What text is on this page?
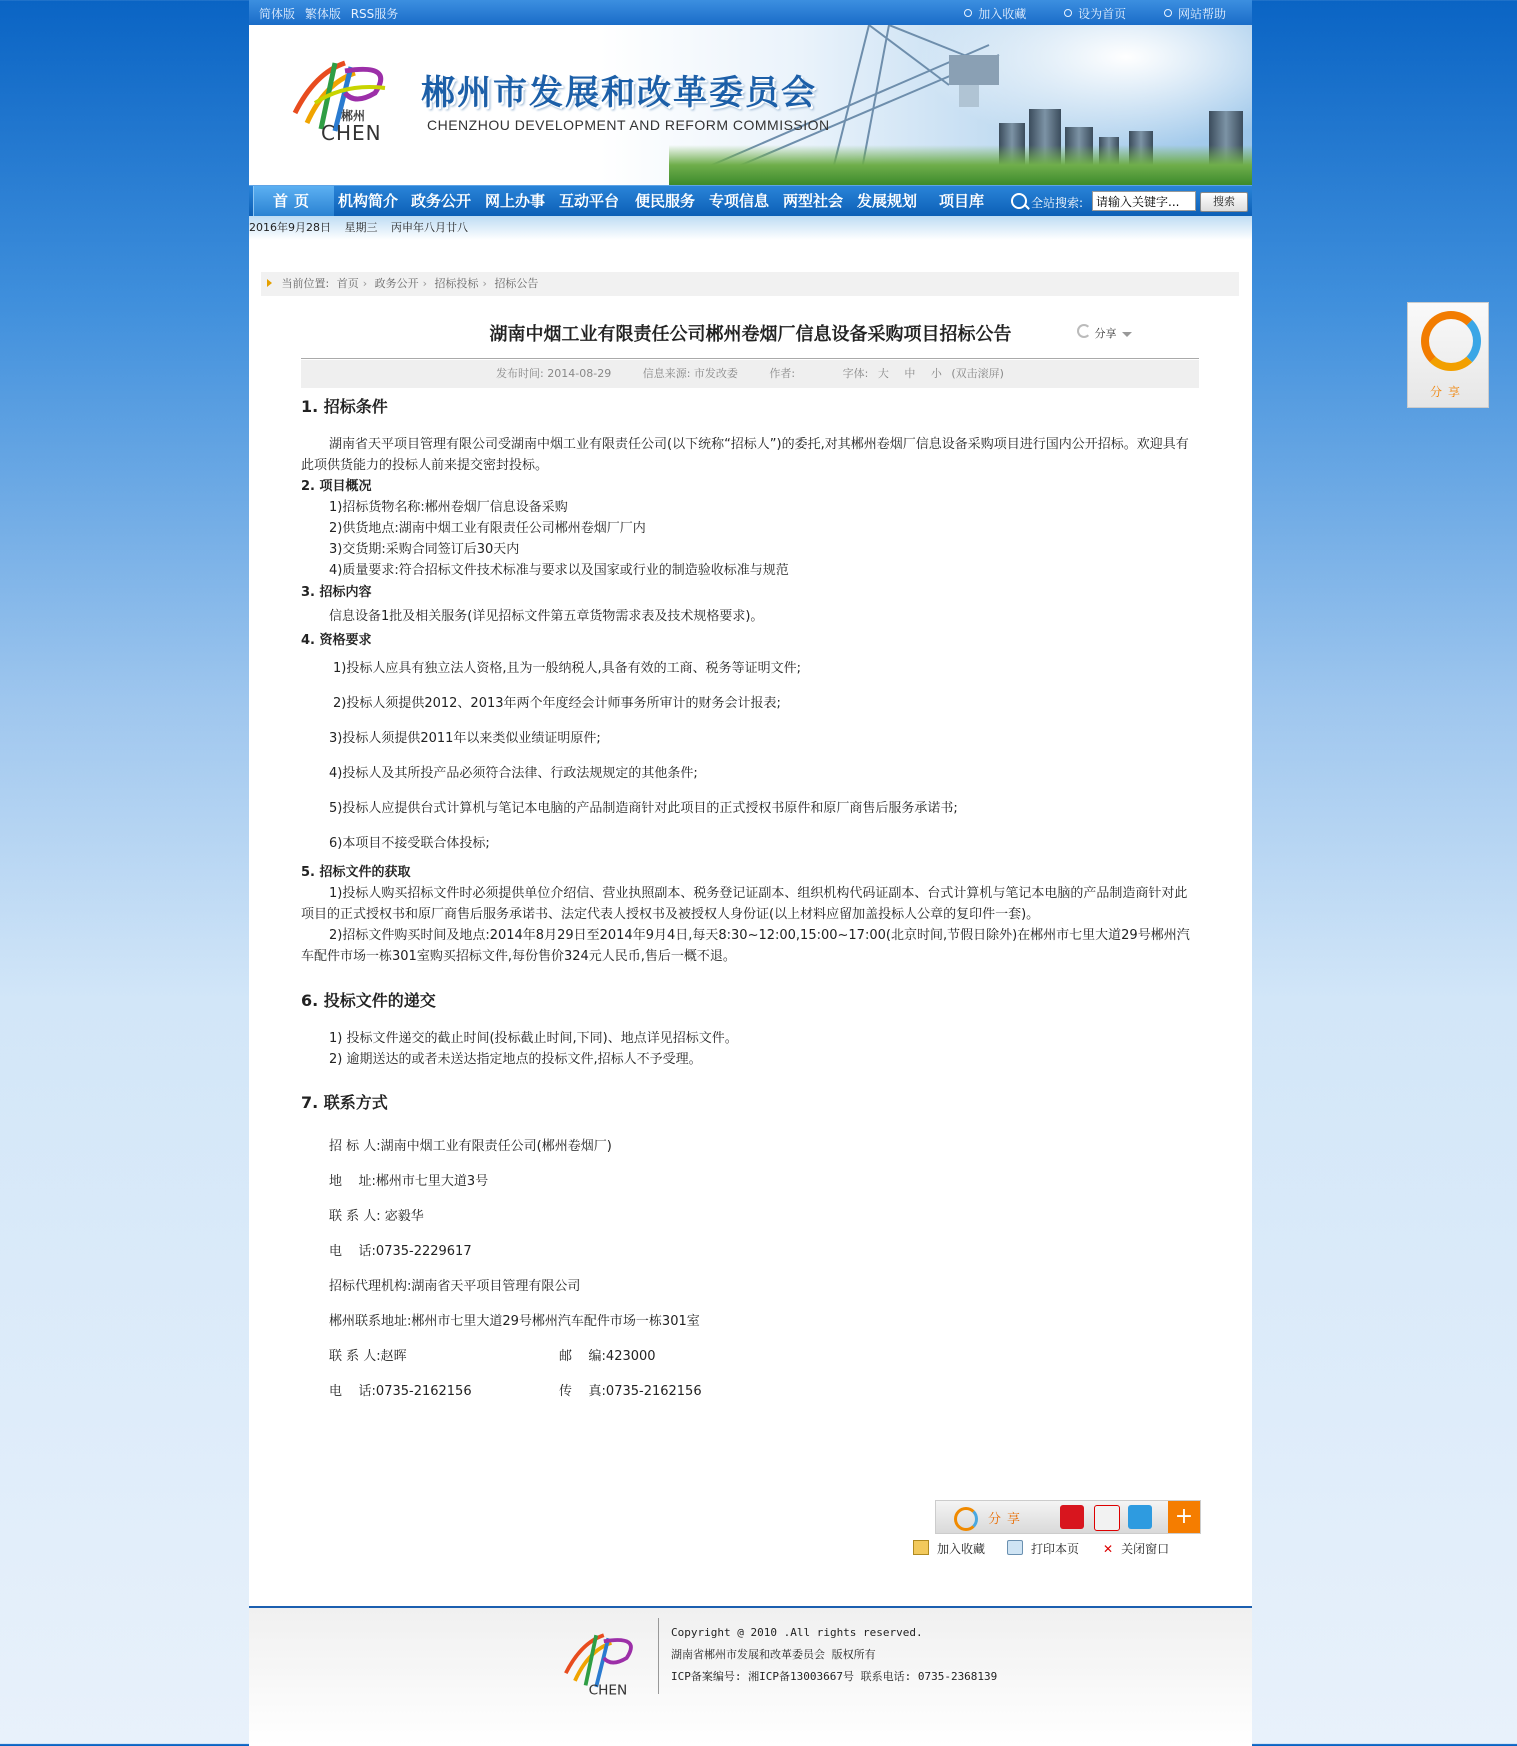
简体版 繁体版 RSS服务	加入收藏	设为首页	网站帮助
郴州
CHEN
郴州市发展和改革委员会
CHENZHOU DEVELOPMENT AND REFORM COMMISSION
首页	机构简介 政务公开 网上办事 互动平台 便民服务 专项信息 两型社会 发展规划 项目库	全站搜索:
请输入关键字...	搜索
2016年9月28日 星期三 丙申年八月廿八
当前位置: 首页 › 政务公开 › 招标投标 › 招标公告
湖南中烟工业有限责任公司郴州卷烟厂信息设备采购项目招标公告	分享
发布时间: 2014-08-29	信息来源: 市发改委	作者:	字体: 大 中 小 (双击滚屏)
1. 招标条件
湖南省天平项目管理有限公司受湖南中烟工业有限责任公司(以下统称“招标人”)的委托,对其郴州卷烟厂信息设备采购项目进行国内公开招标。欢迎具有此项供货能力的投标人前来提交密封投标。
2. 项目概况
1)招标货物名称:郴州卷烟厂信息设备采购
2)供货地点:湖南中烟工业有限责任公司郴州卷烟厂厂内
3)交货期:采购合同签订后30天内
4)质量要求:符合招标文件技术标准与要求以及国家或行业的制造验收标准与规范
3. 招标内容
信息设备1批及相关服务(详见招标文件第五章货物需求表及技术规格要求)。
4. 资格要求
1)投标人应具有独立法人资格,且为一般纳税人,具备有效的工商、税务等证明文件;
2)投标人须提供2012、2013年两个年度经会计师事务所审计的财务会计报表;
3)投标人须提供2011年以来类似业绩证明原件;
4)投标人及其所投产品必须符合法律、行政法规规定的其他条件;
5)投标人应提供台式计算机与笔记本电脑的产品制造商针对此项目的正式授权书原件和原厂商售后服务承诺书;
6)本项目不接受联合体投标;
5. 招标文件的获取
1)投标人购买招标文件时必须提供单位介绍信、营业执照副本、税务登记证副本、组织机构代码证副本、台式计算机与笔记本电脑的产品制造商针对此项目的正式授权书和原厂商售后服务承诺书、法定代表人授权书及被授权人身份证(以上材料应留加盖投标人公章的复印件一套)。
2)招标文件购买时间及地点:2014年8月29日至2014年9月4日,每天8:30~12:00,15:00~17:00(北京时间,节假日除外)在郴州市七里大道29号郴州汽车配件市场一栋301室购买招标文件,每份售价324元人民币,售后一概不退。
6. 投标文件的递交
1) 投标文件递交的截止时间(投标截止时间,下同)、地点详见招标文件。
2) 逾期送达的或者未送达指定地点的投标文件,招标人不予受理。
7. 联系方式
招 标 人:湖南中烟工业有限责任公司(郴州卷烟厂)
地    址:郴州市七里大道3号
联 系 人: 宓毅华
电    话:0735-2229617
招标代理机构:湖南省天平项目管理有限公司
郴州联系地址:郴州市七里大道29号郴州汽车配件市场一栋301室
联 系 人:赵晖	邮    编:423000
电    话:0735-2162156	传    真:0735-2162156
分享	+
加入收藏	打印本页 ✕ 关闭窗口
CHEN
Copyright @ 2010 .All rights reserved.
湖南省郴州市发展和改革委员会 版权所有
ICP备案编号: 湘ICP备13003667号 联系电话: 0735-2368139
分享
